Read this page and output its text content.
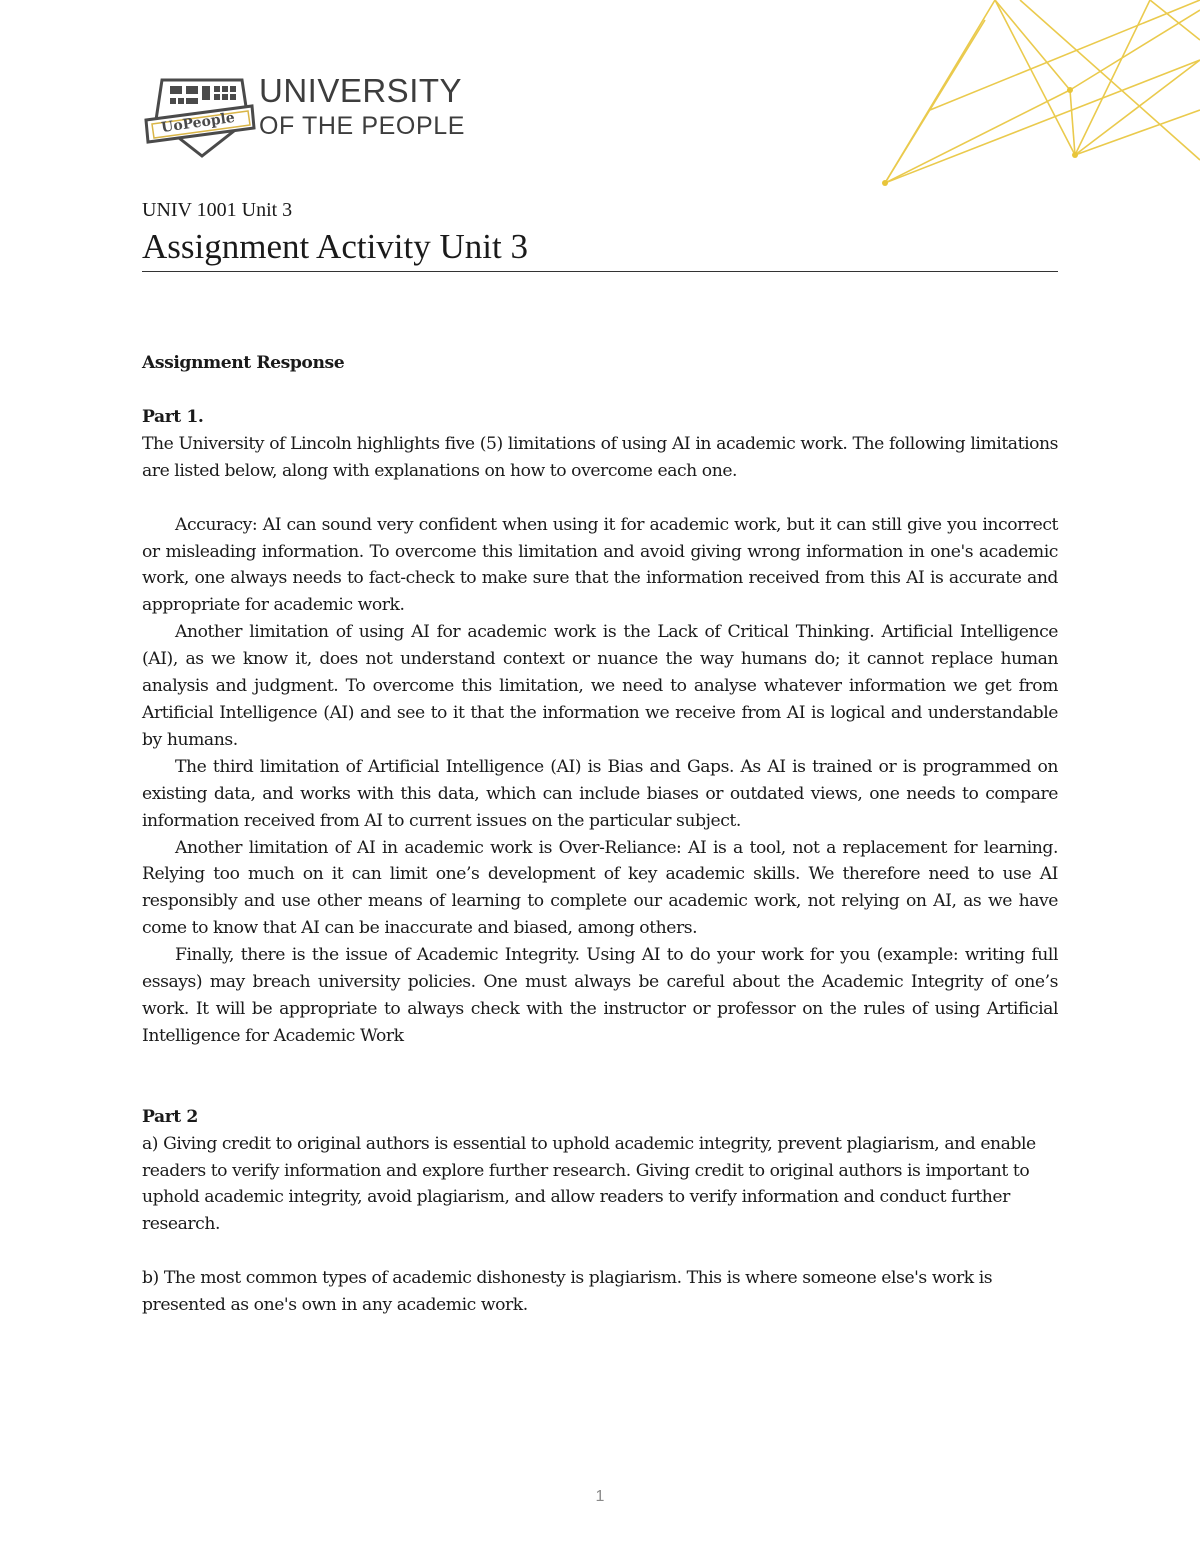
UoPeople
UNIVERSITY
OF THE PEOPLE
UNIV 1001 Unit 3
Assignment Activity Unit 3

Assignment Response

Part 1.

The University of Lincoln highlights five (5) limitations of using AI in academic work. The following limitations are listed below, along with explanations on how to overcome each one.

Accuracy: AI can sound very confident when using it for academic work, but it can still give you incorrect or misleading information. To overcome this limitation and avoid giving wrong information in one's academic work, one always needs to fact-check to make sure that the information received from this AI is accurate and appropriate for academic work.

Another limitation of using AI for academic work is the Lack of Critical Thinking. Artificial Intelligence (AI), as we know it, does not understand context or nuance the way humans do; it cannot replace human analysis and judgment. To overcome this limitation, we need to analyse whatever information we get from Artificial Intelligence (AI) and see to it that the information we receive from AI is logical and understandable by humans.

The third limitation of Artificial Intelligence (AI) is Bias and Gaps. As AI is trained or is programmed on existing data, and works with this data, which can include biases or outdated views, one needs to compare information received from AI to current issues on the particular subject.

Another limitation of AI in academic work is Over-Reliance: AI is a tool, not a replacement for learning. Relying too much on it can limit one’s development of key academic skills. We therefore need to use AI responsibly and use other means of learning to complete our academic work, not relying on AI, as we have come to know that AI can be inaccurate and biased, among others.

Finally, there is the issue of Academic Integrity. Using AI to do your work for you (example: writing full essays) may breach university policies. One must always be careful about the Academic Integrity of one’s work. It will be appropriate to always check with the instructor or professor on the rules of using Artificial Intelligence for Academic Work

Part 2

a) Giving credit to original authors is essential to uphold academic integrity, prevent plagiarism, and enable readers to verify information and explore further research. Giving credit to original authors is important to uphold academic integrity, avoid plagiarism, and allow readers to verify information and conduct further research.

b) The most common types of academic dishonesty is plagiarism. This is where someone else's work is presented as one's own in any academic work.

1
